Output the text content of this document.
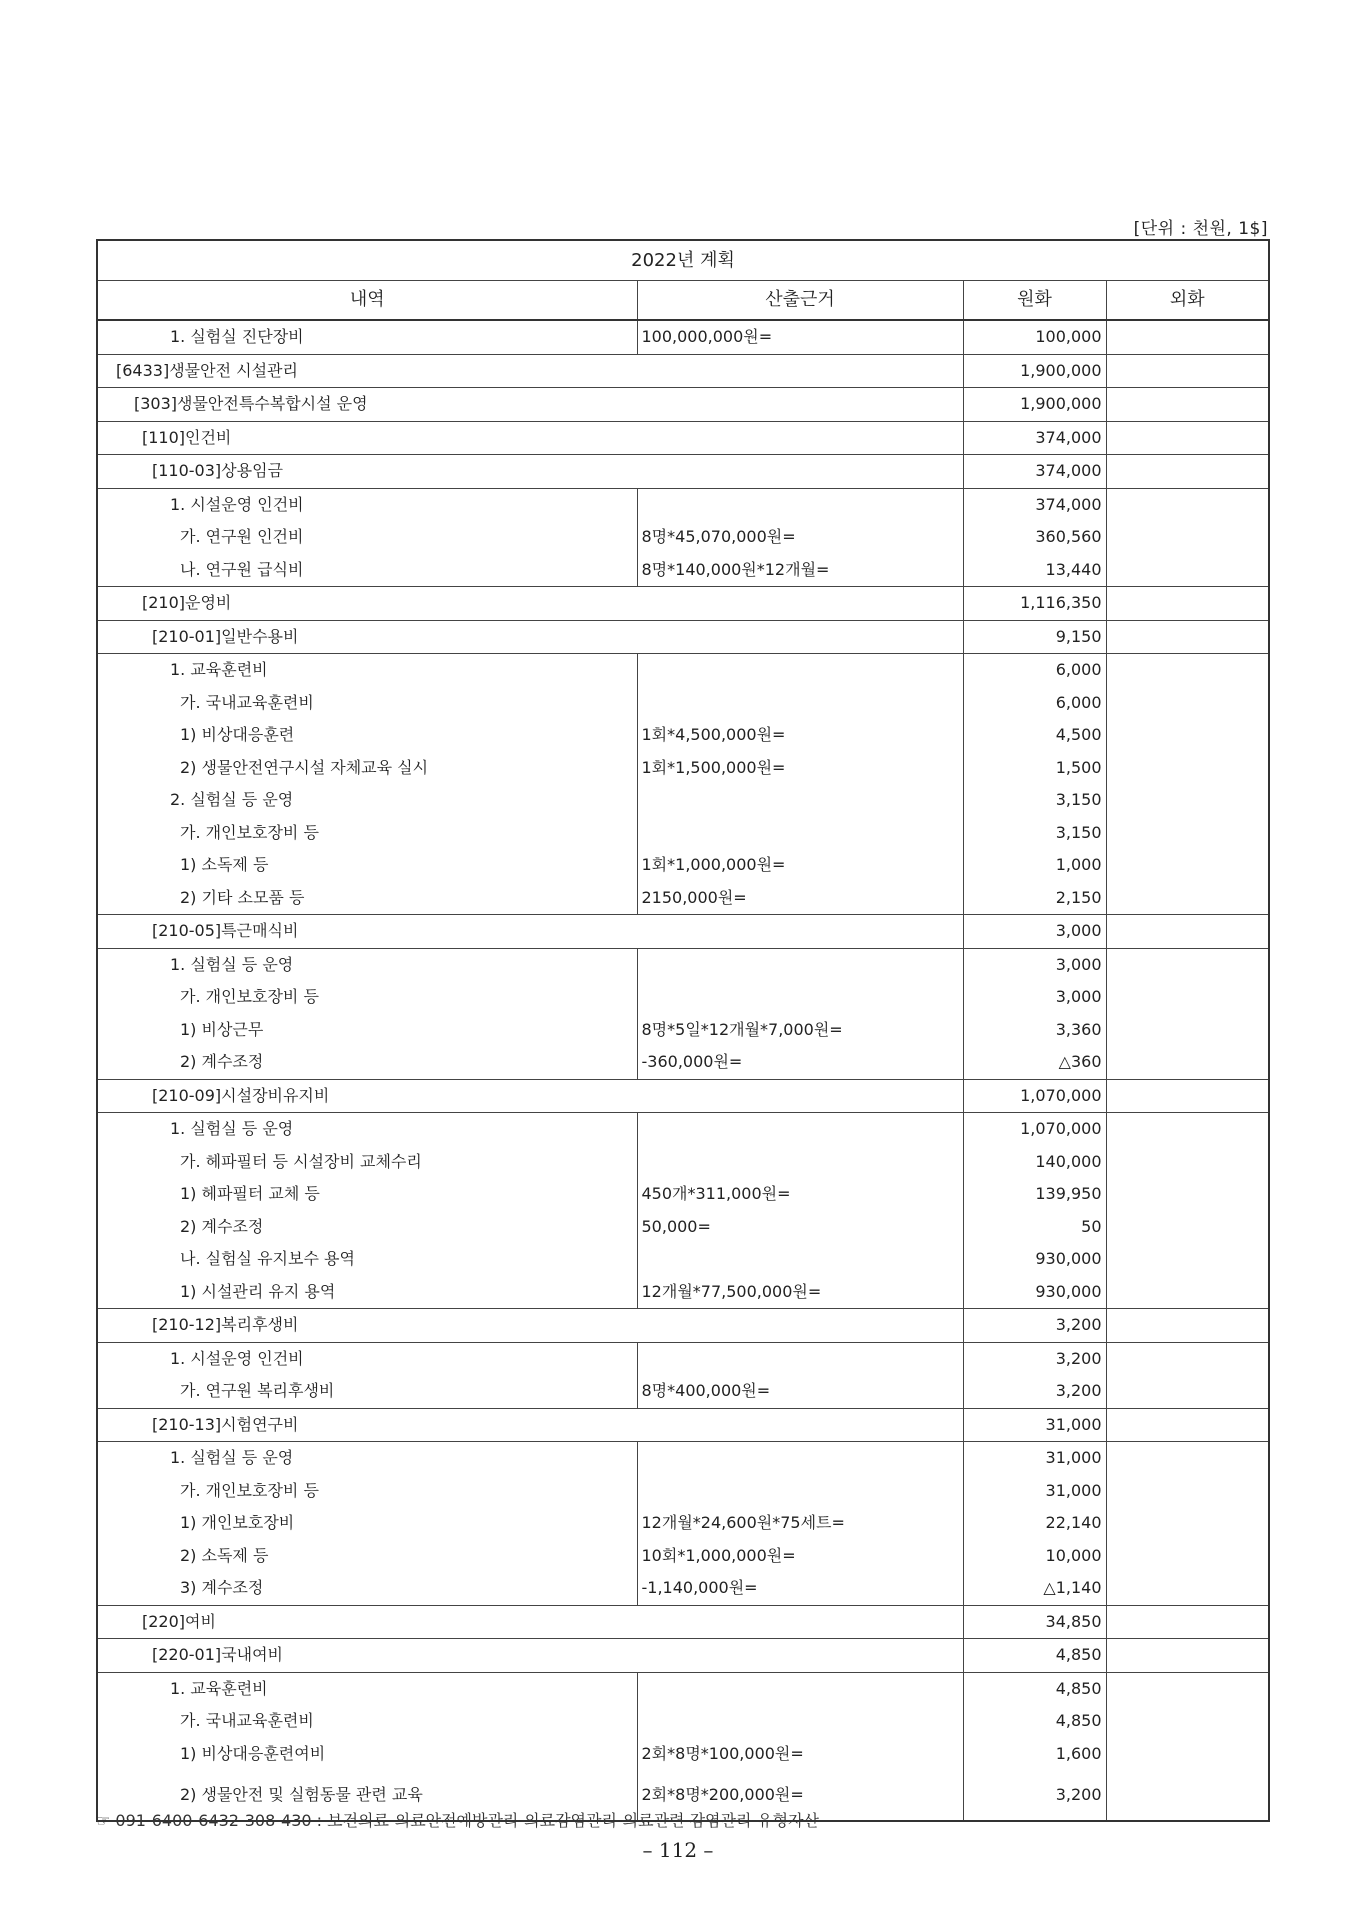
[단위 : 천원, 1$]
2022년 계획			
내역	산출근거	원화	외화
1. 실험실 진단장비	100,000,000원=	100,000	
[6433]생물안전 시설관리		1,900,000	
[303]생물안전특수복합시설 운영		1,900,000	
[110]인건비		374,000	
[110-03]상용임금		374,000	
1. 시설운영 인건비		374,000	
가. 연구원 인건비	8명*45,070,000원=	360,560	
나. 연구원 급식비	8명*140,000원*12개월=	13,440	
[210]운영비		1,116,350	
[210-01]일반수용비		9,150	
1. 교육훈련비		6,000	
가. 국내교육훈련비		6,000	
1) 비상대응훈련	1회*4,500,000원=	4,500	
2) 생물안전연구시설 자체교육 실시	1회*1,500,000원=	1,500	
2. 실험실 등 운영		3,150	
가. 개인보호장비 등		3,150	
1) 소독제 등	1회*1,000,000원=	1,000	
2) 기타 소모품 등	2150,000원=	2,150	
[210-05]특근매식비		3,000	
1. 실험실 등 운영		3,000	
가. 개인보호장비 등		3,000	
1) 비상근무	8명*5일*12개월*7,000원=	3,360	
2) 계수조정	-360,000원=	△360	
[210-09]시설장비유지비		1,070,000	
1. 실험실 등 운영		1,070,000	
가. 헤파필터 등 시설장비 교체수리		140,000	
1) 헤파필터 교체 등	450개*311,000원=	139,950	
2) 계수조정	50,000=	50	
나. 실험실 유지보수 용역		930,000	
1) 시설관리 유지 용역	12개월*77,500,000원=	930,000	
[210-12]복리후생비		3,200	
1. 시설운영 인건비		3,200	
가. 연구원 복리후생비	8명*400,000원=	3,200	
[210-13]시험연구비		31,000	
1. 실험실 등 운영		31,000	
가. 개인보호장비 등		31,000	
1) 개인보호장비	12개월*24,600원*75세트=	22,140	
2) 소독제 등	10회*1,000,000원=	10,000	
3) 계수조정	-1,140,000원=	△1,140	
[220]여비		34,850	
[220-01]국내여비		4,850	
1. 교육훈련비		4,850	
가. 국내교육훈련비		4,850	
1) 비상대응훈련여비	2회*8명*100,000원=	1,600	
2) 생물안전 및 실험동물 관련 교육	2회*8명*200,000원=	3,200	
☞ 091-6400-6432-308-430 : 보건의료-의료안전예방관리-의료감염관리-의료관련 감염관리-유형자산
– 112 –
